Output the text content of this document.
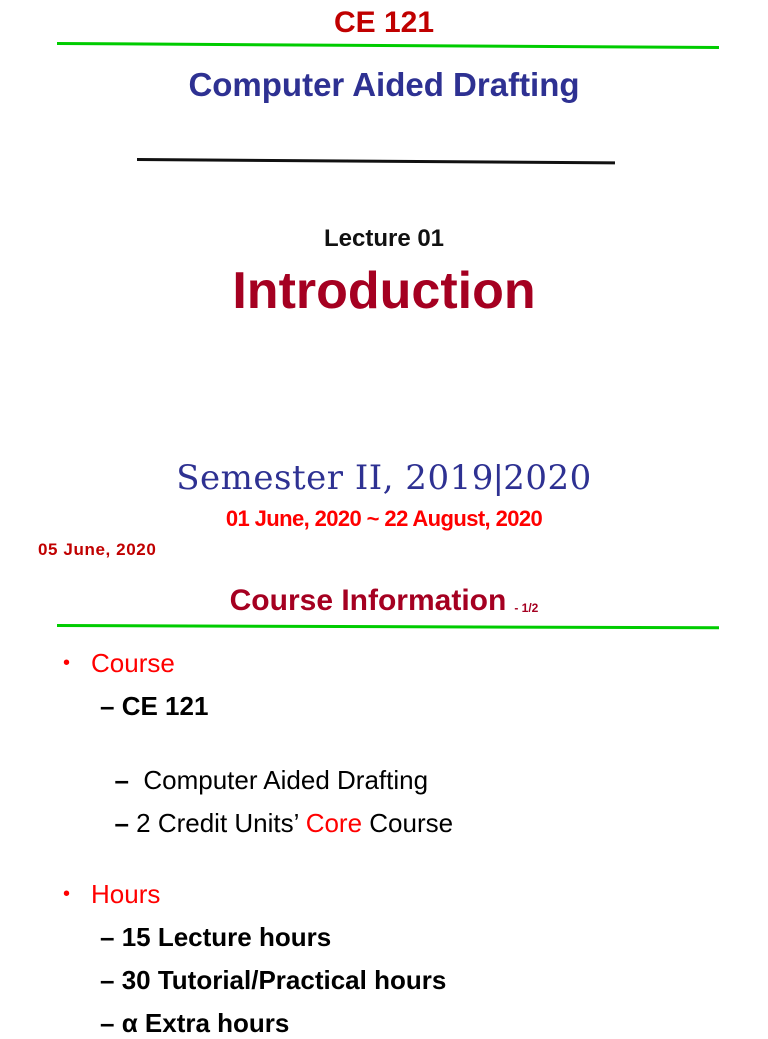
CE 121
Computer Aided Drafting
Lecture 01
Introduction
Semester II, 2019|2020
01 June, 2020 ~ 22 August, 2020
05 June, 2020
Course Information - 1/2
• Course
– CE 121

–  Computer Aided Drafting

– 2 Credit Units’ Core Course

• Hours
– 15 Lecture hours
– 30 Tutorial/Practical hours
– α Extra hours
